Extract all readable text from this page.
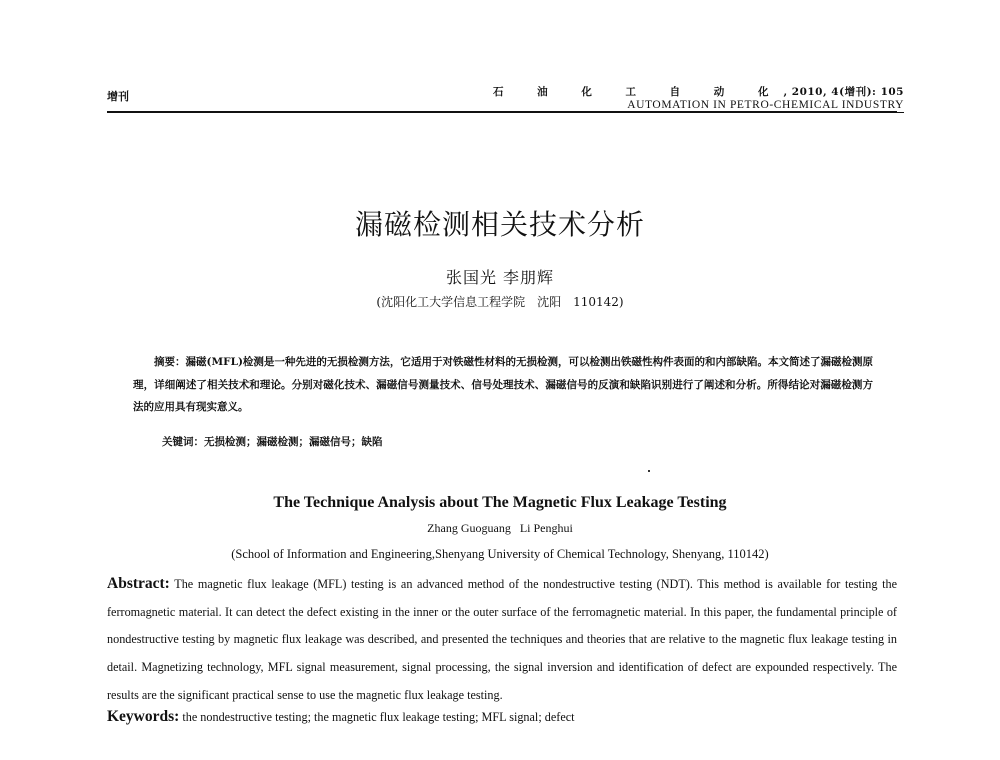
增刊	石 油 化 工 自 动 化, 2010, 4(增刊): 105
AUTOMATION IN PETRO-CHEMICAL INDUSTRY
漏磁检测相关技术分析
张国光 李朋辉
(沈阳化工大学信息工程学院　沈阳　110142)

摘要：漏磁(MFL)检测是一种先进的无损检测方法，它适用于对铁磁性材料的无损检测，可以检测出铁磁性构件表面的和内部缺陷。本文简述了漏磁检测原理，详细阐述了相关技术和理论。分别对磁化技术、漏磁信号测量技术、信号处理技术、漏磁信号的反演和缺陷识别进行了阐述和分析。所得结论对漏磁检测方法的应用具有现实意义。

关键词：无损检测；漏磁检测；漏磁信号；缺陷
The Technique Analysis about The Magnetic Flux Leakage Testing
Zhang Guoguang   Li Penghui
(School of Information and Engineering,Shenyang University of Chemical Technology, Shenyang, 110142)
Abstract: The magnetic flux leakage (MFL) testing is an advanced method of the nondestructive testing (NDT). This method is available for testing the ferromagnetic material. It can detect the defect existing in the inner or the outer surface of the ferromagnetic material. In this paper, the fundamental principle of nondestructive testing by magnetic flux leakage was described, and presented the techniques and theories that are relative to the magnetic flux leakage testing in detail. Magnetizing technology, MFL signal measurement, signal processing, the signal inversion and identification of defect are expounded respectively. The results are the significant practical sense to use the magnetic flux leakage testing.
Keywords: the nondestructive testing; the magnetic flux leakage testing; MFL signal; defect
